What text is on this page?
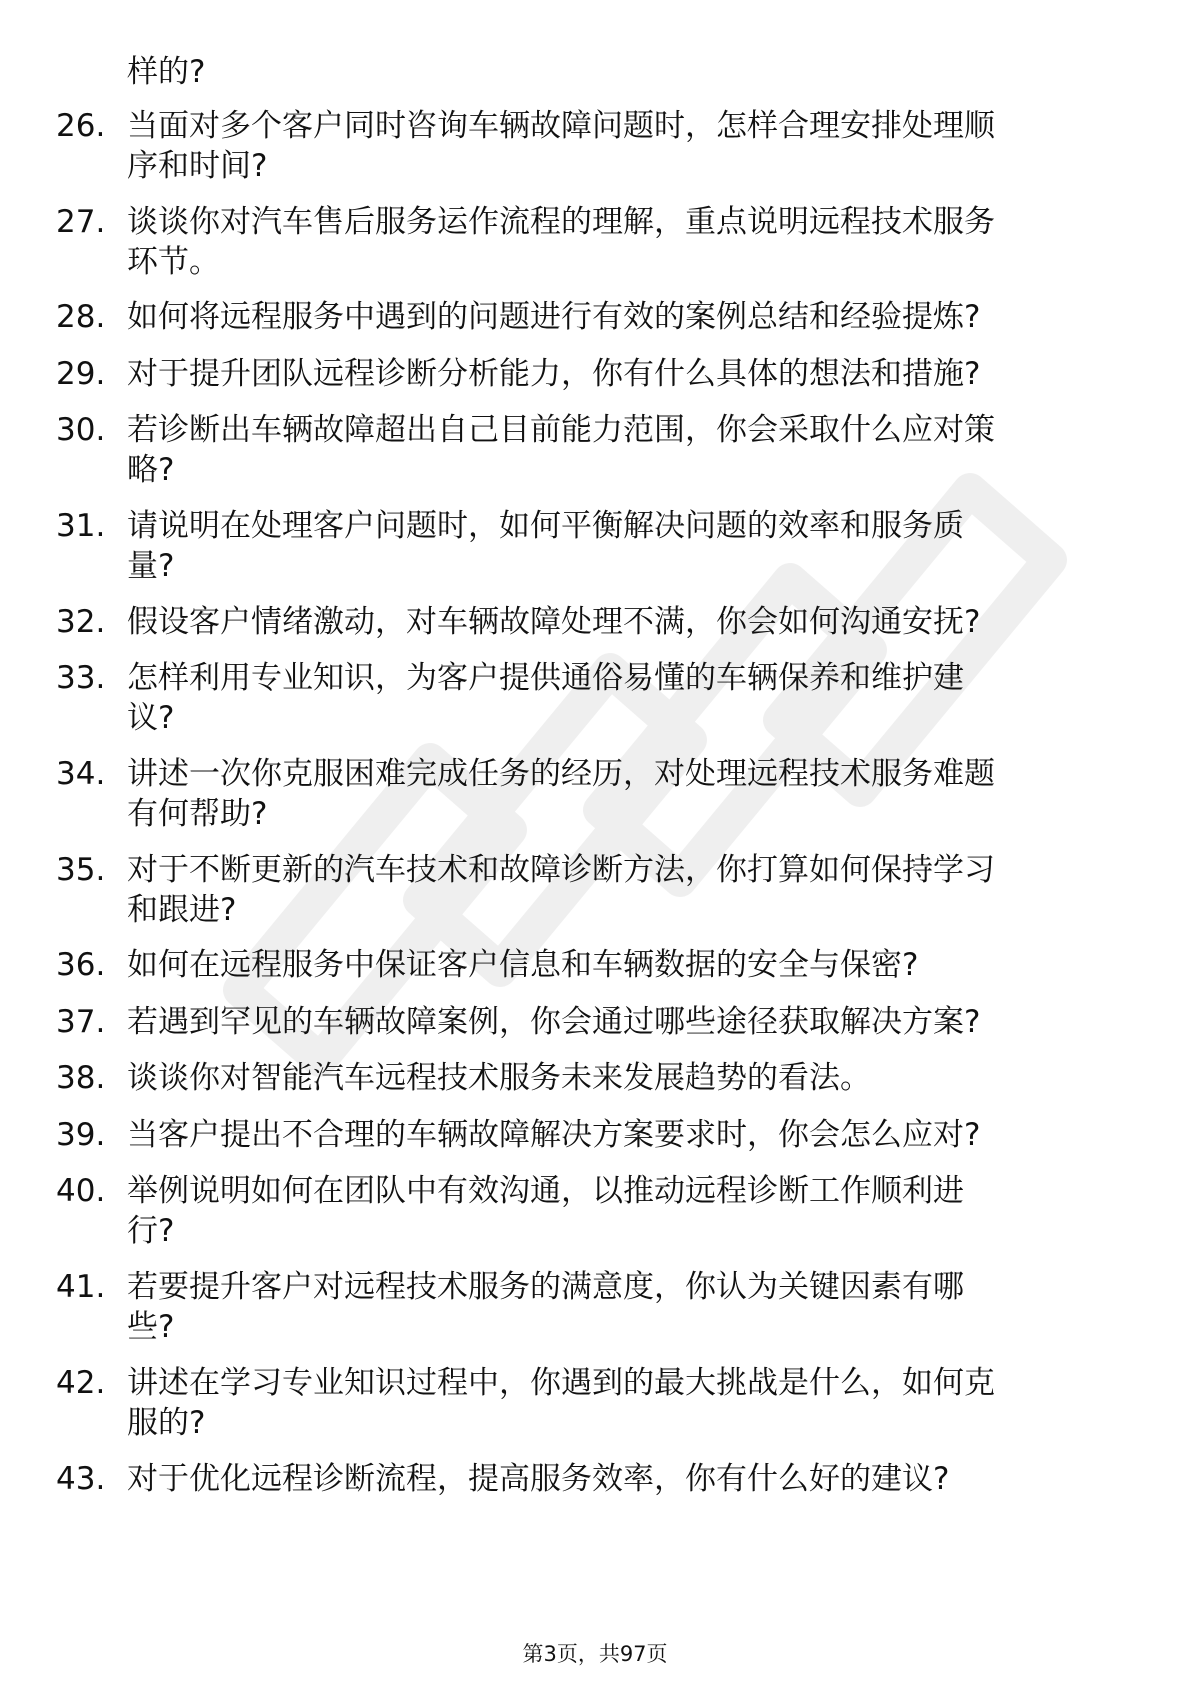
样的?
26. 当面对多个客户同时咨询车辆故障问题时，怎样合理安排处理顺
序和时间?
27. 谈谈你对汽车售后服务运作流程的理解，重点说明远程技术服务
环节。
28. 如何将远程服务中遇到的问题进行有效的案例总结和经验提炼?
29. 对于提升团队远程诊断分析能力，你有什么具体的想法和措施?
30. 若诊断出车辆故障超出自己目前能力范围，你会采取什么应对策
略?
31. 请说明在处理客户问题时，如何平衡解决问题的效率和服务质
量?
32. 假设客户情绪激动，对车辆故障处理不满，你会如何沟通安抚?
33. 怎样利用专业知识，为客户提供通俗易懂的车辆保养和维护建
议?
34. 讲述一次你克服困难完成任务的经历，对处理远程技术服务难题
有何帮助?
35. 对于不断更新的汽车技术和故障诊断方法，你打算如何保持学习
和跟进?
36. 如何在远程服务中保证客户信息和车辆数据的安全与保密?
37. 若遇到罕见的车辆故障案例，你会通过哪些途径获取解决方案?
38. 谈谈你对智能汽车远程技术服务未来发展趋势的看法。
39. 当客户提出不合理的车辆故障解决方案要求时，你会怎么应对?
40. 举例说明如何在团队中有效沟通，以推动远程诊断工作顺利进
行?
41. 若要提升客户对远程技术服务的满意度，你认为关键因素有哪
些?
42. 讲述在学习专业知识过程中，你遇到的最大挑战是什么，如何克
服的?
43. 对于优化远程诊断流程，提高服务效率，你有什么好的建议?
第3页，共97页
